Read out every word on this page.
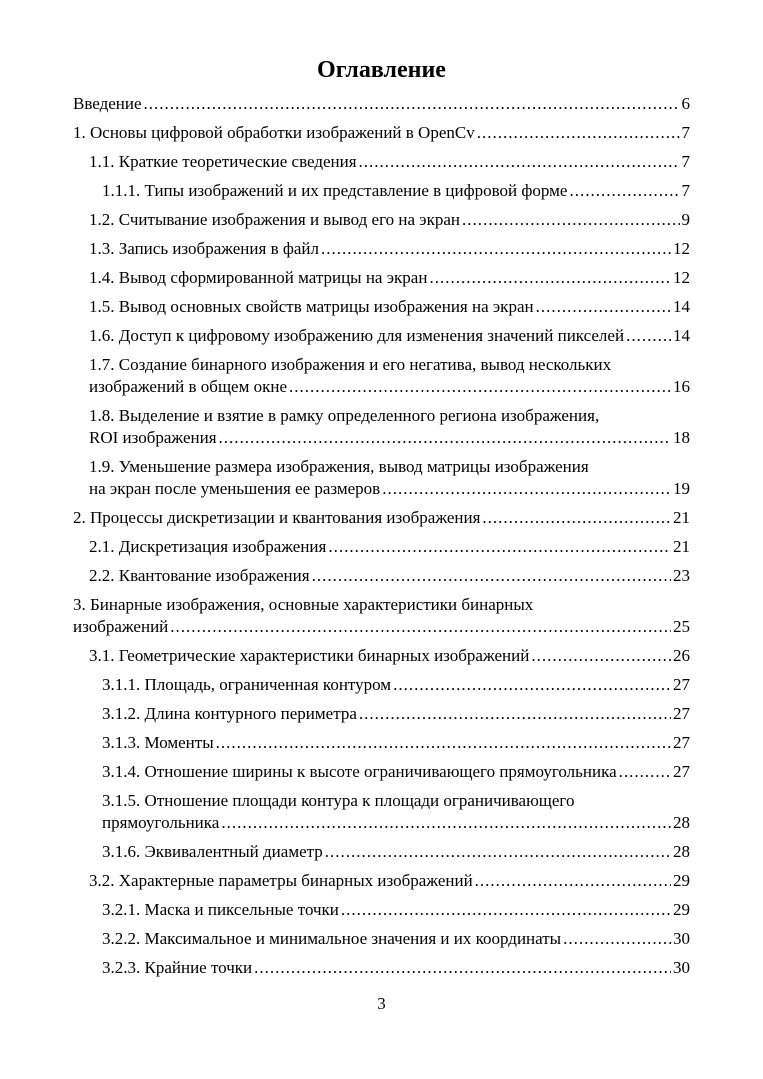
Оглавление
Введение .....	6
1. Основы цифровой обработки изображений в OpenCv .....	7
1.1. Краткие теоретические сведения .....	7
1.1.1. Типы изображений и их представление в цифровой форме .....	7
1.2. Считывание изображения и вывод его на экран .....	9
1.3. Запись изображения в файл .....	12
1.4. Вывод сформированной матрицы на экран .....	12
1.5. Вывод основных свойств матрицы изображения на экран .....	14
1.6. Доступ к цифровому изображению для изменения значений пикселей .....	14
1.7. Создание бинарного изображения и его негатива, вывод нескольких
изображений в общем окне .....	16
1.8. Выделение и взятие в рамку определенного региона изображения,
ROI изображения .....	18
1.9. Уменьшение размера изображения, вывод матрицы изображения
на экран после уменьшения ее размеров .....	19
2. Процессы дискретизации и квантования изображения .....	21
2.1. Дискретизация изображения .....	21
2.2. Квантование изображения .....	23
3. Бинарные изображения, основные характеристики бинарных
изображений .....	25
3.1. Геометрические характеристики бинарных изображений .....	26
3.1.1. Площадь, ограниченная контуром .....	27
3.1.2. Длина контурного периметра .....	27
3.1.3. Моменты .....	27
3.1.4. Отношение ширины к высоте ограничивающего прямоугольника .....	27
3.1.5. Отношение площади контура к площади ограничивающего
прямоугольника .....	28
3.1.6. Эквивалентный диаметр .....	28
3.2. Характерные параметры бинарных изображений .....	29
3.2.1. Маска и пиксельные точки .....	29
3.2.2. Максимальное и минимальное значения и их координаты .....	30
3.2.3. Крайние точки .....	30
3
